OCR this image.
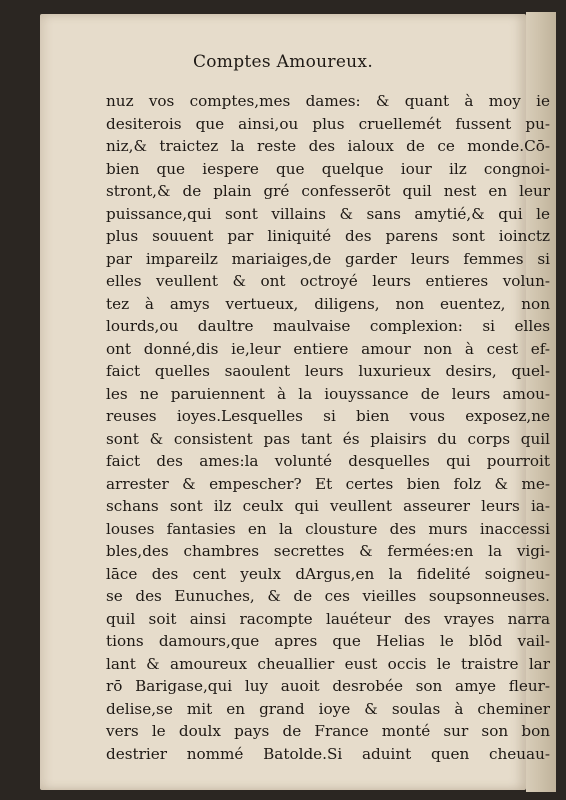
Comptes Amoureux.
nuz vos comptes,mes dames: & quant à moy ie
desiterois que ainsi,ou plus cruellemét fussent pu-
niz,& traictez la reste des ialoux de ce monde.Cō-
bien que iespere que quelque iour ilz congnoi-
stront,& de plain gré confesserōt quil nest en leur
puissance,qui sont villains & sans amytié,& qui le
plus souuent par liniquité des parens sont ioinctz
par impareilz mariaiges,de garder leurs femmes si
elles veullent & ont octroyé leurs entieres volun-
tez à amys vertueux, diligens, non euentez, non
lourds,ou daultre maulvaise complexion: si elles
ont donné,dis ie,leur entiere amour non à cest ef-
faict quelles saoulent leurs luxurieux desirs, quel-
les ne paruiennent à la iouyssance de leurs amou-
reuses ioyes.Lesquelles si bien vous exposez,ne
sont & consistent pas tant és plaisirs du corps quil
faict des ames:la volunté desquelles qui pourroit
arrester & empescher? Et certes bien folz & me-
schans sont ilz ceulx qui veullent asseurer leurs ia-
louses fantasies en la clousture des murs inaccessi
bles,des chambres secrettes & fermées:en la vigi-
lāce des cent yeulx dArgus,en la fidelité soigneu-
se des Eunuches, & de ces vieilles soupsonneuses.
quil soit ainsi racompte lauéteur des vrayes narra
tions damours,que apres que Helias le blōd vail-
lant & amoureux cheuallier eust occis le traistre lar
rō Barigase,qui luy auoit desrobée son amye fleur-
delise,se mit en grand ioye & soulas à cheminer
vers le doulx pays de France monté sur son bon
destrier nommé Batolde.Si aduint quen cheuau-
